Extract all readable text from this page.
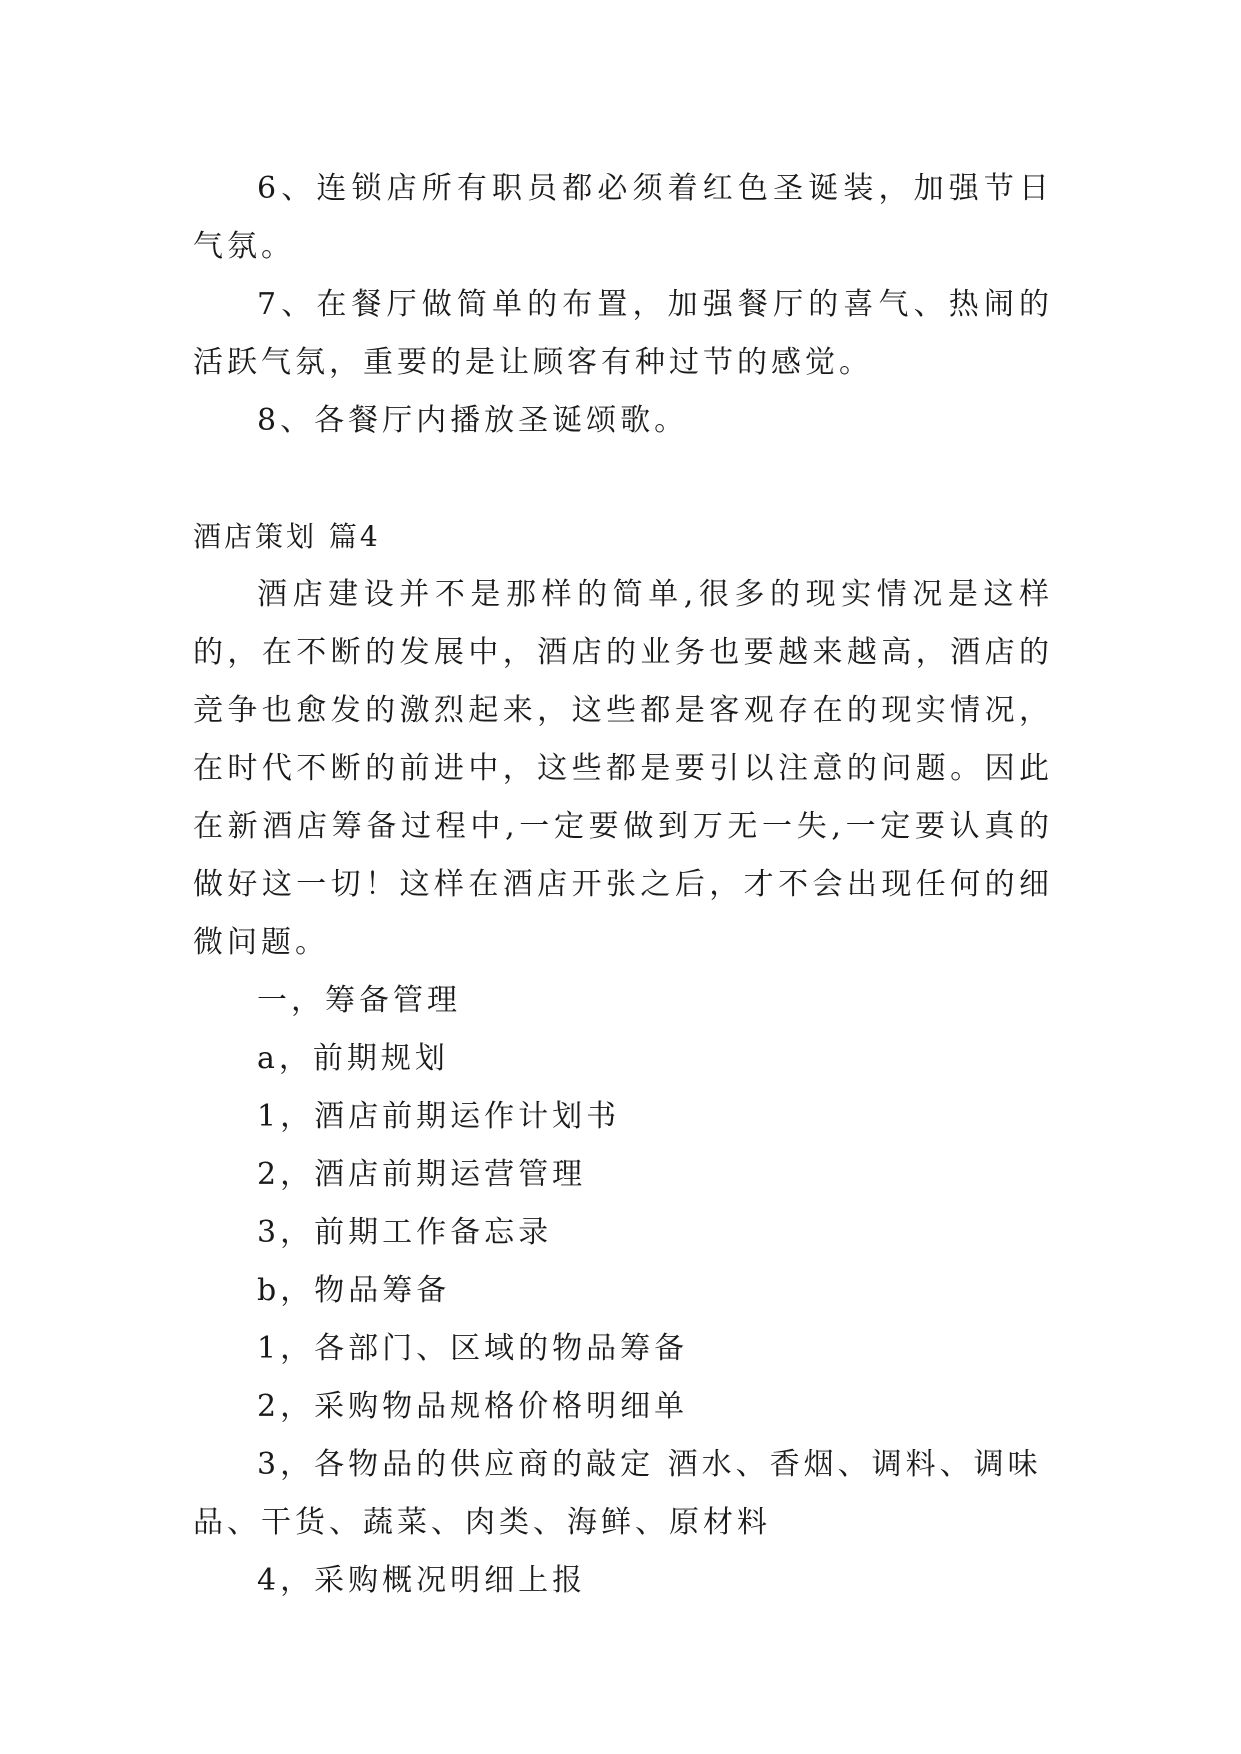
6、连锁店所有职员都必须着红色圣诞装，加强节日气氛。

7、在餐厅做简单的布置，加强餐厅的喜气、热闹的活跃气氛，重要的是让顾客有种过节的感觉。

8、各餐厅内播放圣诞颂歌。

酒店策划 篇4

酒店建设并不是那样的简单,很多的现实情况是这样的，在不断的发展中，酒店的业务也要越来越高，酒店的竞争也愈发的激烈起来，这些都是客观存在的现实情况，在时代不断的前进中，这些都是要引以注意的问题。因此在新酒店筹备过程中,一定要做到万无一失,一定要认真的做好这一切！这样在酒店开张之后，才不会出现任何的细微问题。

一，筹备管理

a，前期规划

1，酒店前期运作计划书

2，酒店前期运营管理

3，前期工作备忘录

b，物品筹备

1，各部门、区域的物品筹备

2，采购物品规格价格明细单

3，各物品的供应商的敲定 酒水、香烟、调料、调味品、干货、蔬菜、肉类、海鲜、原材料

4，采购概况明细上报
